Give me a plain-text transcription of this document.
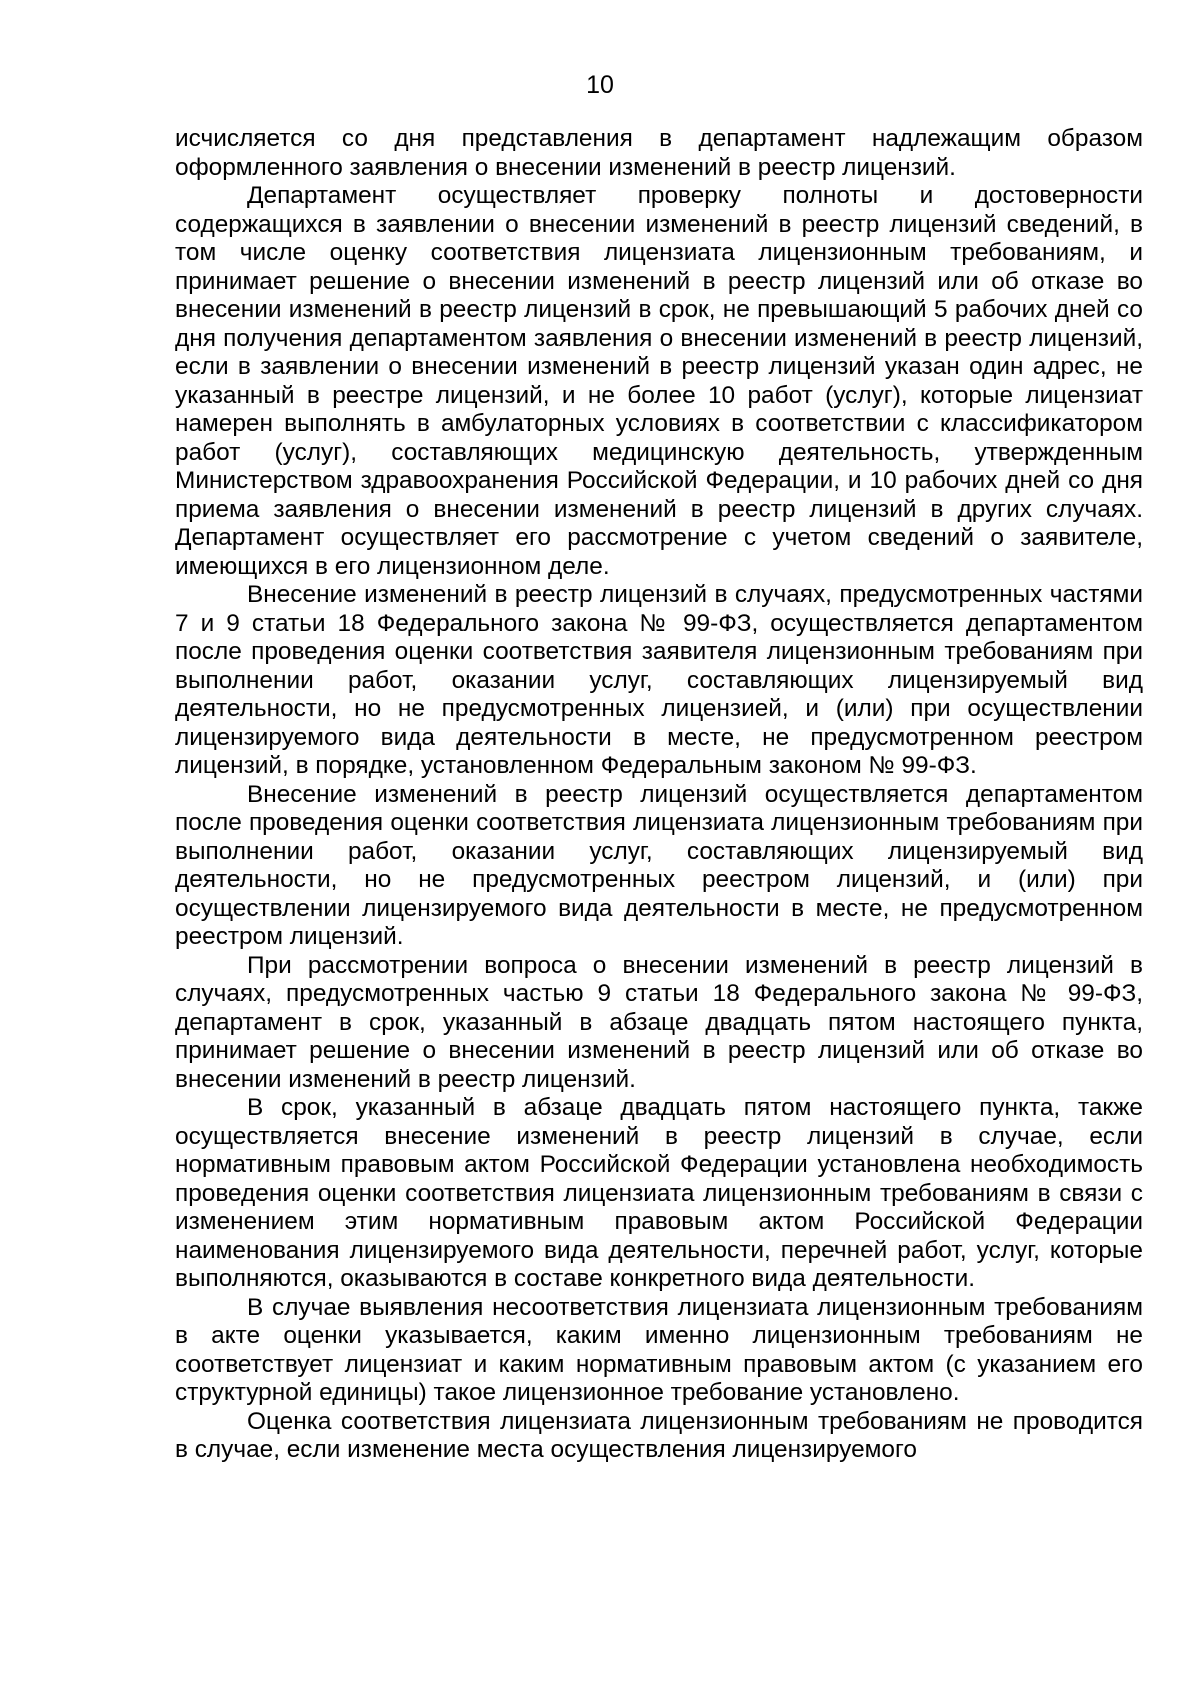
10

исчисляется со дня представления в департамент надлежащим образом оформленного заявления о внесении изменений в реестр лицензий.

Департамент осуществляет проверку полноты и достоверности содержащихся в заявлении о внесении изменений в реестр лицензий сведений, в том числе оценку соответствия лицензиата лицензионным требованиям, и принимает решение о внесении изменений в реестр лицензий или об отказе во внесении изменений в реестр лицензий в срок, не превышающий 5 рабочих дней со дня получения департаментом заявления о внесении изменений в реестр лицензий, если в заявлении о внесении изменений в реестр лицензий указан один адрес, не указанный в реестре лицензий, и не более 10 работ (услуг), которые лицензиат намерен выполнять в амбулаторных условиях в соответствии с классификатором работ (услуг), составляющих медицинскую деятельность, утвержденным Министерством здравоохранения Российской Федерации, и 10 рабочих дней со дня приема заявления о внесении изменений в реестр лицензий в других случаях. Департамент осуществляет его рассмотрение с учетом сведений о заявителе, имеющихся в его лицензионном деле.

Внесение изменений в реестр лицензий в случаях, предусмотренных частями 7 и 9 статьи 18 Федерального закона № 99-ФЗ, осуществляется департаментом после проведения оценки соответствия заявителя лицензионным требованиям при выполнении работ, оказании услуг, составляющих лицензируемый вид деятельности, но не предусмотренных лицензией, и (или) при осуществлении лицензируемого вида деятельности в месте, не предусмотренном реестром лицензий, в порядке, установленном Федеральным законом № 99-ФЗ.

Внесение изменений в реестр лицензий осуществляется департаментом после проведения оценки соответствия лицензиата лицензионным требованиям при выполнении работ, оказании услуг, составляющих лицензируемый вид деятельности, но не предусмотренных реестром лицензий, и (или) при осуществлении лицензируемого вида деятельности в месте, не предусмотренном реестром лицензий.

При рассмотрении вопроса о внесении изменений в реестр лицензий в случаях, предусмотренных частью 9 статьи 18 Федерального закона № 99-ФЗ, департамент в срок, указанный в абзаце двадцать пятом настоящего пункта, принимает решение о внесении изменений в реестр лицензий или об отказе во внесении изменений в реестр лицензий.

В срок, указанный в абзаце двадцать пятом настоящего пункта, также осуществляется внесение изменений в реестр лицензий в случае, если нормативным правовым актом Российской Федерации установлена необходимость проведения оценки соответствия лицензиата лицензионным требованиям в связи с изменением этим нормативным правовым актом Российской Федерации наименования лицензируемого вида деятельности, перечней работ, услуг, которые выполняются, оказываются в составе конкретного вида деятельности.

В случае выявления несоответствия лицензиата лицензионным требованиям в акте оценки указывается, каким именно лицензионным требованиям не соответствует лицензиат и каким нормативным правовым актом (с указанием его структурной единицы) такое лицензионное требование установлено.

Оценка соответствия лицензиата лицензионным требованиям не проводится в случае, если изменение места осуществления лицензируемого
